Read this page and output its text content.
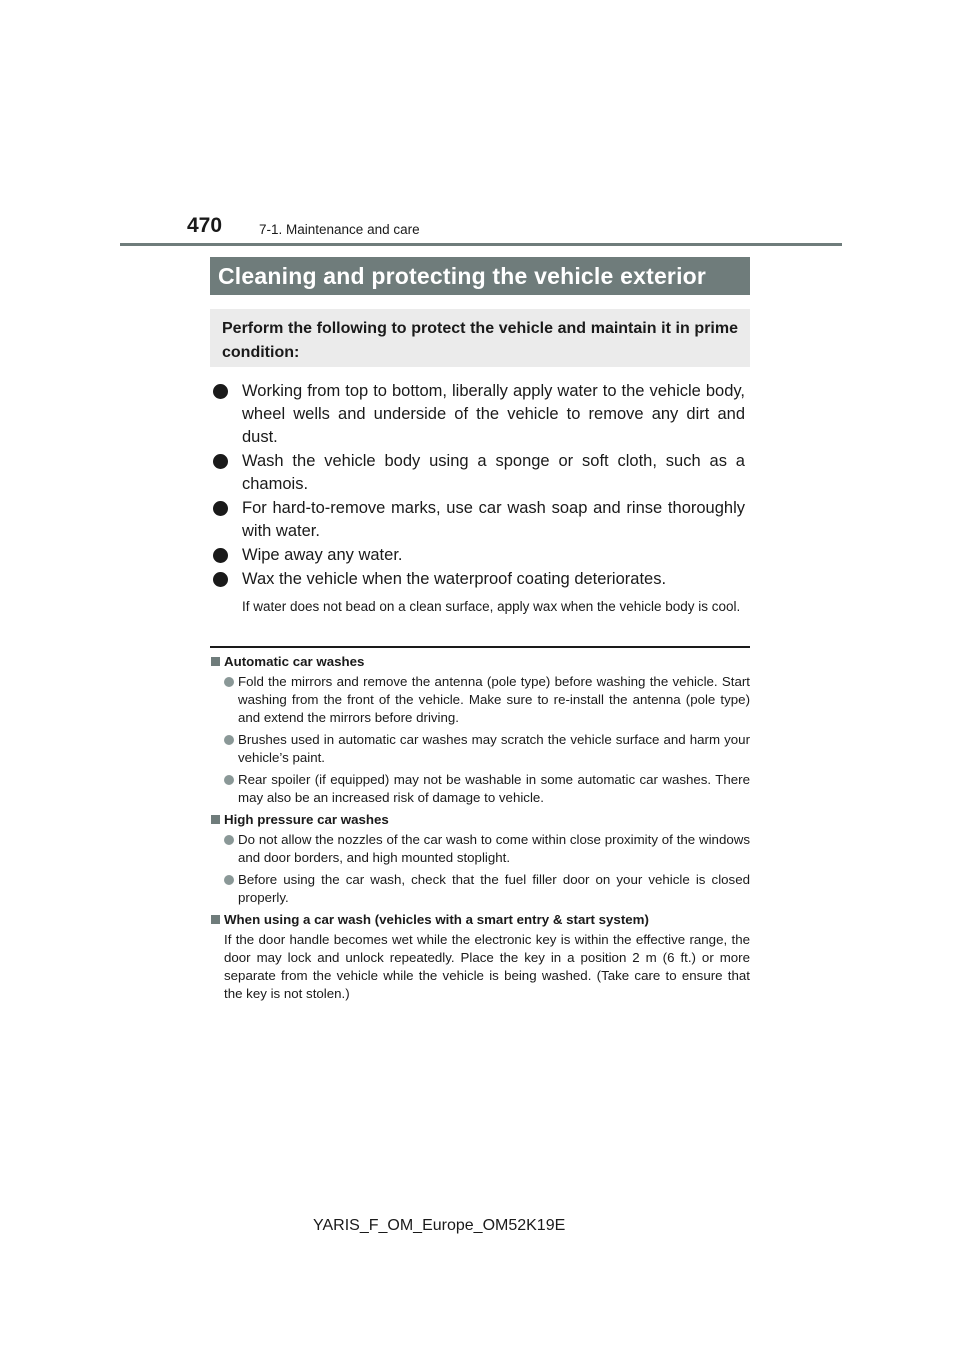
470	7-1. Maintenance and care
Cleaning and protecting the vehicle exterior
Perform the following to protect the vehicle and maintain it in prime condition:
Working from top to bottom, liberally apply water to the vehicle body, wheel wells and underside of the vehicle to remove any dirt and dust.
Wash the vehicle body using a sponge or soft cloth, such as a chamois.
For hard-to-remove marks, use car wash soap and rinse thoroughly with water.
Wipe away any water.
Wax the vehicle when the waterproof coating deteriorates.
If water does not bead on a clean surface, apply wax when the vehicle body is cool.
Automatic car washes
Fold the mirrors and remove the antenna (pole type) before washing the vehicle. Start washing from the front of the vehicle. Make sure to re-install the antenna (pole type) and extend the mirrors before driving.
Brushes used in automatic car washes may scratch the vehicle surface and harm your vehicle’s paint.
Rear spoiler (if equipped) may not be washable in some automatic car washes. There may also be an increased risk of damage to vehicle.
High pressure car washes
Do not allow the nozzles of the car wash to come within close proximity of the windows and door borders, and high mounted stoplight.
Before using the car wash, check that the fuel filler door on your vehicle is closed properly.
When using a car wash (vehicles with a smart entry & start system)
If the door handle becomes wet while the electronic key is within the effective range, the door may lock and unlock repeatedly. Place the key in a position 2 m (6 ft.) or more separate from the vehicle while the vehicle is being washed. (Take care to ensure that the key is not stolen.)
YARIS_F_OM_Europe_OM52K19E
